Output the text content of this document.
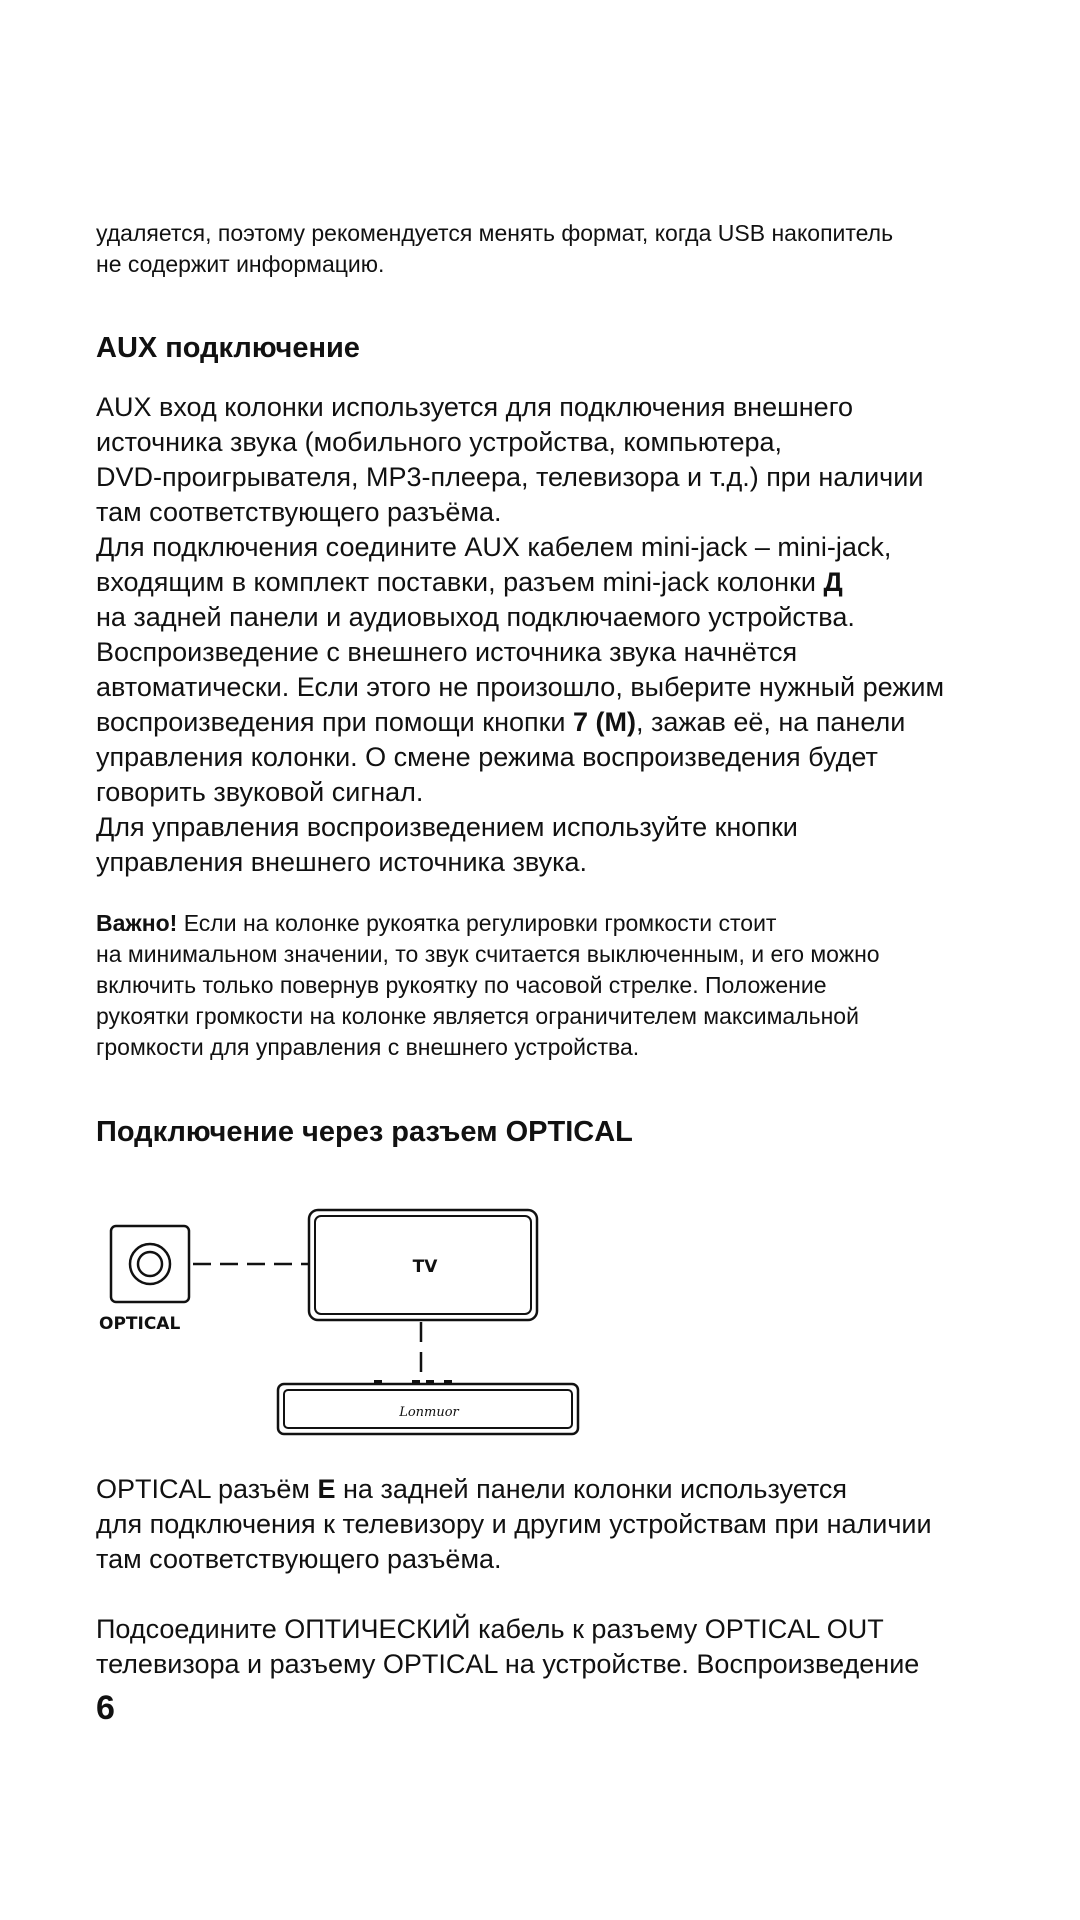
удаляется, поэтому рекомендуется менять формат, когда USB накопитель
не содержит информацию.

AUX подключение

AUX вход колонки используется для подключения внешнего
источника звука (мобильного устройства, компьютера,
DVD-проигрывателя, MP3-плеера, телевизора и т.д.) при наличии
там соответствующего разъёма.
Для подключения соедините AUX кабелем mini-jack – mini-jack,
входящим в комплект поставки, разъем mini-jack колонки Д
на задней панели и аудиовыход подключаемого устройства.
Воспроизведение с внешнего источника звука начнётся
автоматически. Если этого не произошло, выберите нужный режим
воспроизведения при помощи кнопки 7 (M), зажав её, на панели
управления колонки. О смене режима воспроизведения будет
говорить звуковой сигнал.
Для управления воспроизведением используйте кнопки
управления внешнего источника звука.

Важно! Если на колонке рукоятка регулировки громкости стоит
на минимальном значении, то звук считается выключенным, и его можно
включить только повернув рукоятку по часовой стрелке. Положение
рукоятки громкости на колонке является ограничителем максимальной
громкости для управления с внешнего устройства.

Подключение через разъем OPTICAL
OPTICAL
TV
Lonmuor

OPTICAL разъём E на задней панели колонки используется
для подключения к телевизору и другим устройствам при наличии
там соответствующего разъёма.

Подсоедините ОПТИЧЕСКИЙ кабель к разъему OPTICAL OUT
телевизора и разъему OPTICAL на устройстве. Воспроизведение

6
